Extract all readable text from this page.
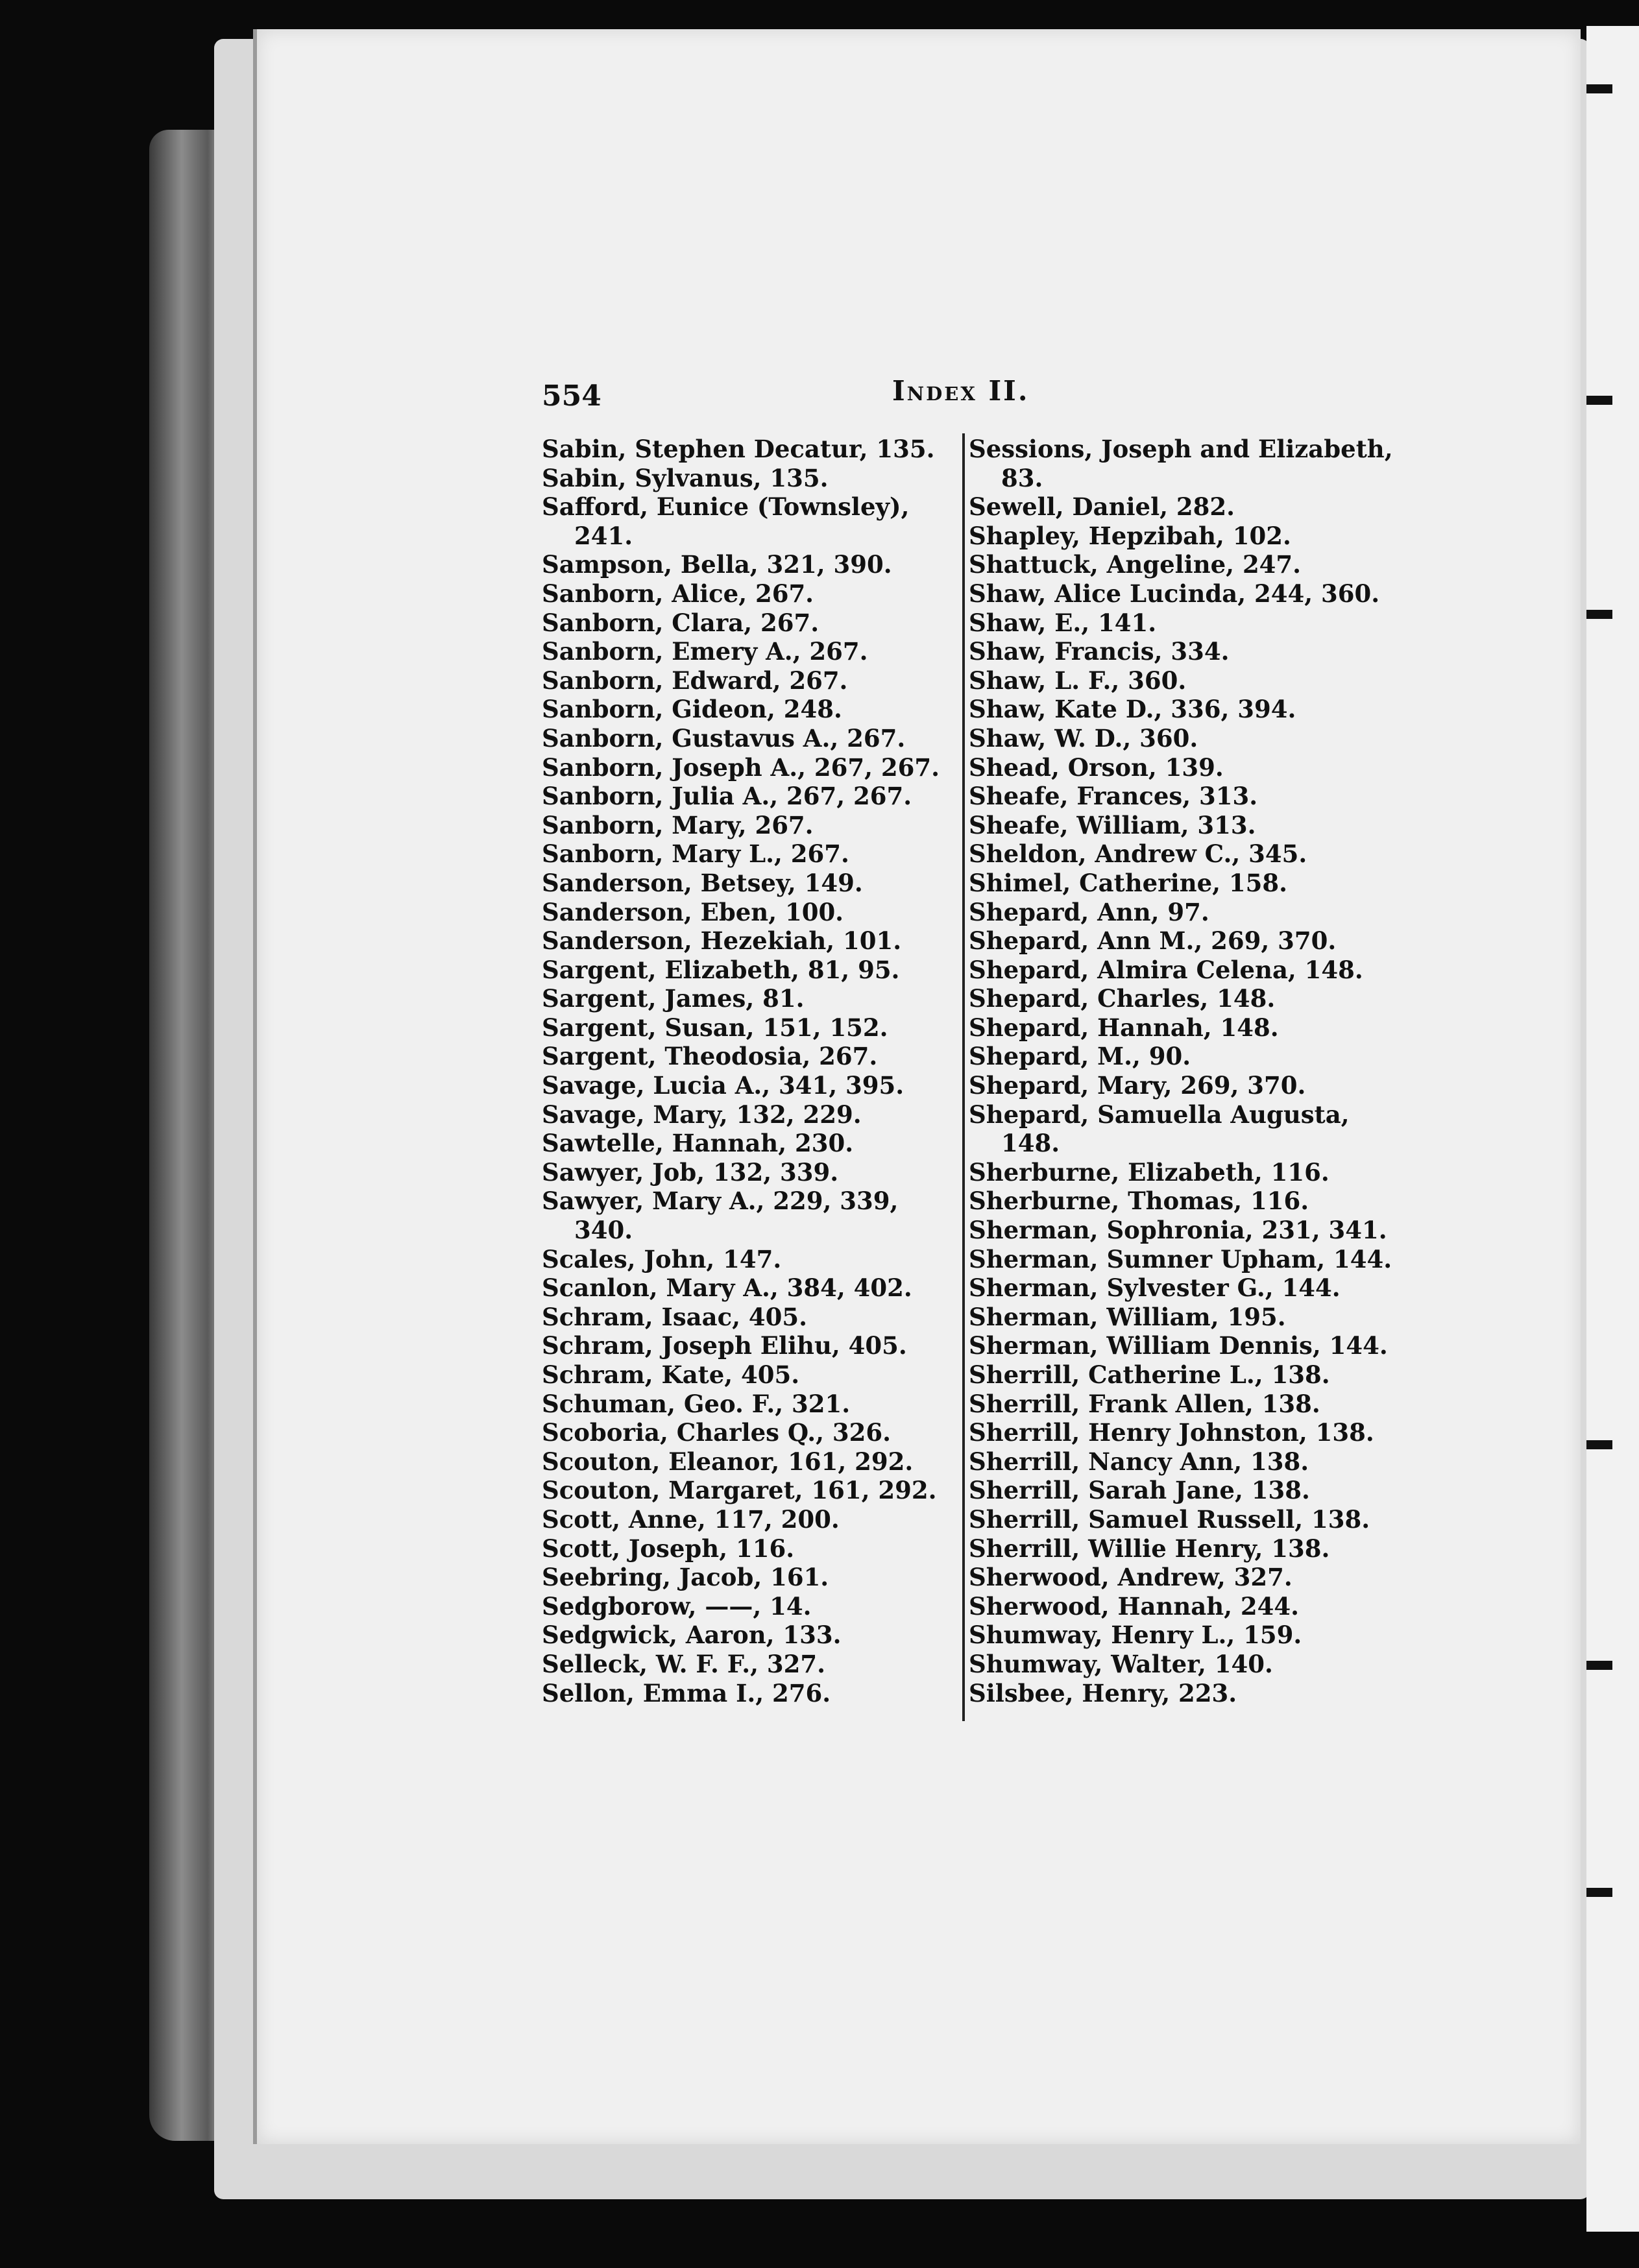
554	Index II.
Sabin, Stephen Decatur, 135.
Sabin, Sylvanus, 135.
Safford, Eunice (Townsley),
241.
Sampson, Bella, 321, 390.
Sanborn, Alice, 267.
Sanborn, Clara, 267.
Sanborn, Emery A., 267.
Sanborn, Edward, 267.
Sanborn, Gideon, 248.
Sanborn, Gustavus A., 267.
Sanborn, Joseph A., 267, 267.
Sanborn, Julia A., 267, 267.
Sanborn, Mary, 267.
Sanborn, Mary L., 267.
Sanderson, Betsey, 149.
Sanderson, Eben, 100.
Sanderson, Hezekiah, 101.
Sargent, Elizabeth, 81, 95.
Sargent, James, 81.
Sargent, Susan, 151, 152.
Sargent, Theodosia, 267.
Savage, Lucia A., 341, 395.
Savage, Mary, 132, 229.
Sawtelle, Hannah, 230.
Sawyer, Job, 132, 339.
Sawyer, Mary A., 229, 339,
340.
Scales, John, 147.
Scanlon, Mary A., 384, 402.
Schram, Isaac, 405.
Schram, Joseph Elihu, 405.
Schram, Kate, 405.
Schuman, Geo. F., 321.
Scoboria, Charles Q., 326.
Scouton, Eleanor, 161, 292.
Scouton, Margaret, 161, 292.
Scott, Anne, 117, 200.
Scott, Joseph, 116.
Seebring, Jacob, 161.
Sedgborow, ——, 14.
Sedgwick, Aaron, 133.
Selleck, W. F. F., 327.
Sellon, Emma I., 276.
Sessions, Joseph and Elizabeth,
83.
Sewell, Daniel, 282.
Shapley, Hepzibah, 102.
Shattuck, Angeline, 247.
Shaw, Alice Lucinda, 244, 360.
Shaw, E., 141.
Shaw, Francis, 334.
Shaw, L. F., 360.
Shaw, Kate D., 336, 394.
Shaw, W. D., 360.
Shead, Orson, 139.
Sheafe, Frances, 313.
Sheafe, William, 313.
Sheldon, Andrew C., 345.
Shimel, Catherine, 158.
Shepard, Ann, 97.
Shepard, Ann M., 269, 370.
Shepard, Almira Celena, 148.
Shepard, Charles, 148.
Shepard, Hannah, 148.
Shepard, M., 90.
Shepard, Mary, 269, 370.
Shepard, Samuella Augusta,
148.
Sherburne, Elizabeth, 116.
Sherburne, Thomas, 116.
Sherman, Sophronia, 231, 341.
Sherman, Sumner Upham, 144.
Sherman, Sylvester G., 144.
Sherman, William, 195.
Sherman, William Dennis, 144.
Sherrill, Catherine L., 138.
Sherrill, Frank Allen, 138.
Sherrill, Henry Johnston, 138.
Sherrill, Nancy Ann, 138.
Sherrill, Sarah Jane, 138.
Sherrill, Samuel Russell, 138.
Sherrill, Willie Henry, 138.
Sherwood, Andrew, 327.
Sherwood, Hannah, 244.
Shumway, Henry L., 159.
Shumway, Walter, 140.
Silsbee, Henry, 223.
